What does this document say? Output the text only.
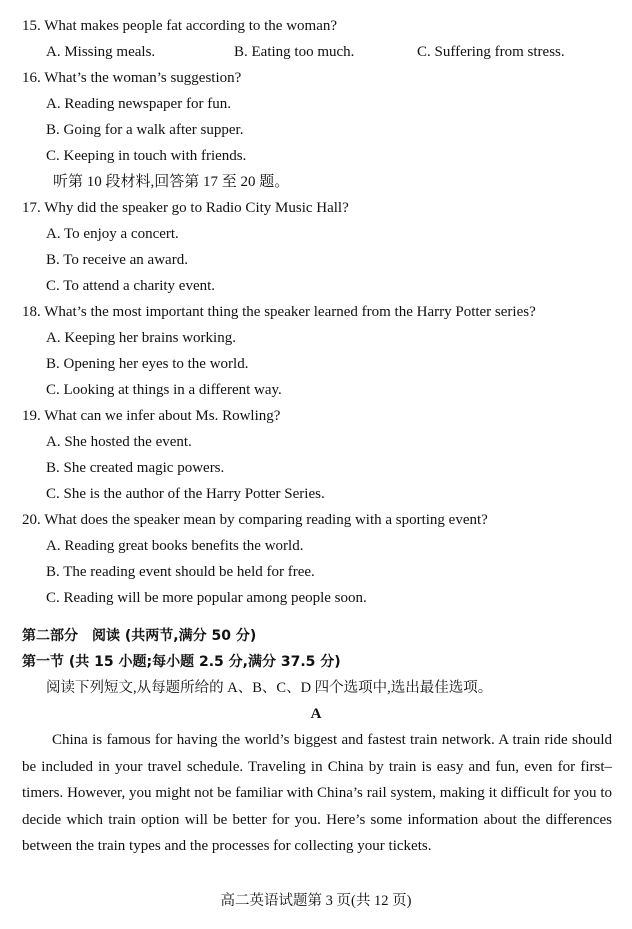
15. What makes people fat according to the woman?
A. Missing meals.	B. Eating too much.	C. Suffering from stress.
16. What’s the woman’s suggestion?
A. Reading newspaper for fun.
B. Going for a walk after supper.
C. Keeping in touch with friends.
听第 10 段材料,回答第 17 至 20 题。
17. Why did the speaker go to Radio City Music Hall?
A. To enjoy a concert.
B. To receive an award.
C. To attend a charity event.
18. What’s the most important thing the speaker learned from the Harry Potter series?
A. Keeping her brains working.
B. Opening her eyes to the world.
C. Looking at things in a different way.
19. What can we infer about Ms. Rowling?
A. She hosted the event.
B. She created magic powers.
C. She is the author of the Harry Potter Series.
20. What does the speaker mean by comparing reading with a sporting event?
A. Reading great books benefits the world.
B. The reading event should be held for free.
C. Reading will be more popular among people soon.
第二部分　阅读 (共两节,满分 50 分)
第一节 (共 15 小题;每小题 2.5 分,满分 37.5 分)
阅读下列短文,从每题所给的 A、B、C、D 四个选项中,选出最佳选项。
A
China is famous for having the world’s biggest and fastest train network. A train ride should be included in your travel schedule. Traveling in China by train is easy and fun, even for first–timers. However, you might not be familiar with China’s rail system, making it difficult for you to decide which train option will be better for you. Here’s some information about the differences between the train types and the processes for collecting your tickets.
高二英语试题第 3 页(共 12 页)
